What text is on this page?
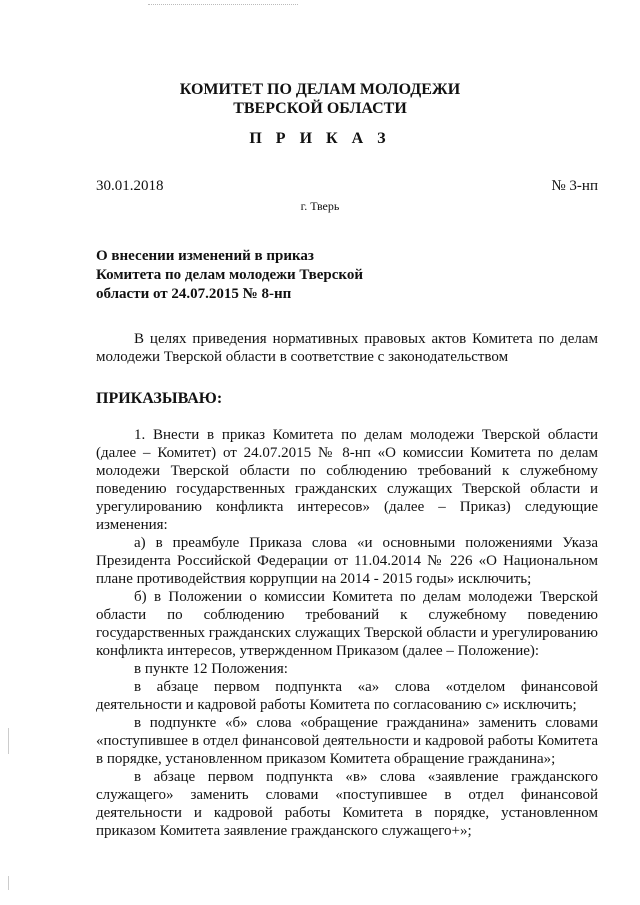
КОМИТЕТ ПО ДЕЛАМ МОЛОДЕЖИ
ТВЕРСКОЙ ОБЛАСТИ
П Р И К А З
30.01.2018	№ 3-нп
г. Тверь
О внесении изменений в приказ
Комитета по делам молодежи Тверской
области от 24.07.2015 № 8-нп

В целях приведения нормативных правовых актов Комитета по делам молодежи Тверской области в соответствие с законодательством

ПРИКАЗЫВАЮ:

1. Внести в приказ Комитета по делам молодежи Тверской области (далее – Комитет) от 24.07.2015 № 8-нп «О комиссии Комитета по делам молодежи Тверской области по соблюдению требований к служебному поведению государственных гражданских служащих Тверской области и урегулированию конфликта интересов» (далее – Приказ) следующие изменения:

а) в преамбуле Приказа слова «и основными положениями Указа Президента Российской Федерации от 11.04.2014 № 226 «О Национальном плане противодействия коррупции на 2014 - 2015 годы» исключить;

б) в Положении о комиссии Комитета по делам молодежи Тверской области по соблюдению требований к служебному поведению государственных гражданских служащих Тверской области и урегулированию конфликта интересов, утвержденном Приказом (далее – Положение):

в пункте 12 Положения:

в абзаце первом подпункта «а» слова «отделом финансовой деятельности и кадровой работы Комитета по согласованию с» исключить;

в подпункте «б» слова «обращение гражданина» заменить словами «поступившее в отдел финансовой деятельности и кадровой работы Комитета в порядке, установленном приказом Комитета обращение гражданина»;

в абзаце первом подпункта «в» слова «заявление гражданского служащего» заменить словами «поступившее в отдел финансовой деятельности и кадровой работы Комитета в порядке, установленном приказом Комитета заявление гражданского служащего+»;
